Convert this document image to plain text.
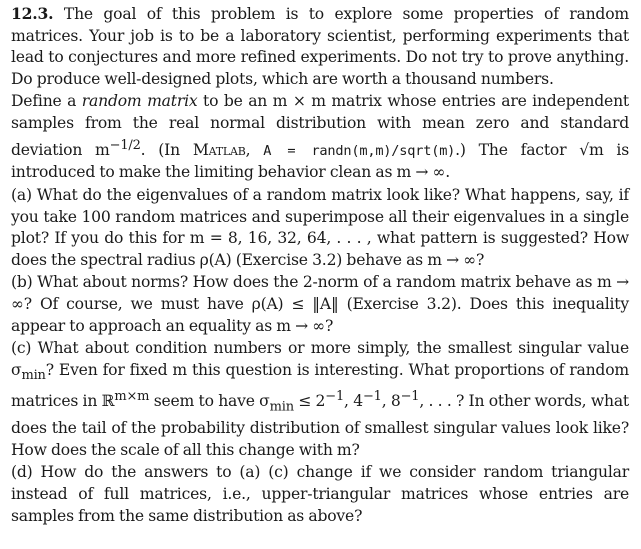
12.3. The goal of this problem is to explore some properties of random matrices. Your job is to be a laboratory scientist, performing experiments that lead to conjectures and more refined experiments. Do not try to prove anything. Do produce well-designed plots, which are worth a thousand numbers.

Define a random matrix to be an m × m matrix whose entries are independent samples from the real normal distribution with mean zero and standard deviation $m^{-1/2}$. (In Matlab, A = randn(m,m)/sqrt(m).) The factor √m is introduced to make the limiting behavior clean as m → ∞.

(a) What do the eigenvalues of a random matrix look like? What happens, say, if you take 100 random matrices and superimpose all their eigenvalues in a single plot? If you do this for m = 8, 16, 32, 64, . . . , what pattern is suggested? How does the spectral radius ρ(A) (Exercise 3.2) behave as m → ∞?

(b) What about norms? How does the 2-norm of a random matrix behave as m → ∞? Of course, we must have ρ(A) ≤ ‖A‖ (Exercise 3.2). Does this inequality appear to approach an equality as m → ∞?

(c) What about condition numbers or more simply, the smallest singular value $\sigma_{min}$? Even for fixed m this question is interesting. What proportions of random matrices in ℝ$^{m\times m}$ seem to have $\sigma_{min} \le 2^{-1}$, $4^{-1}$, $8^{-1}$, . . . ? In other words, what does the tail of the probability distribution of smallest singular values look like? How does the scale of all this change with m?

(d) How do the answers to (a) (c) change if we consider random triangular instead of full matrices, i.e., upper-triangular matrices whose entries are samples from the same distribution as above?
